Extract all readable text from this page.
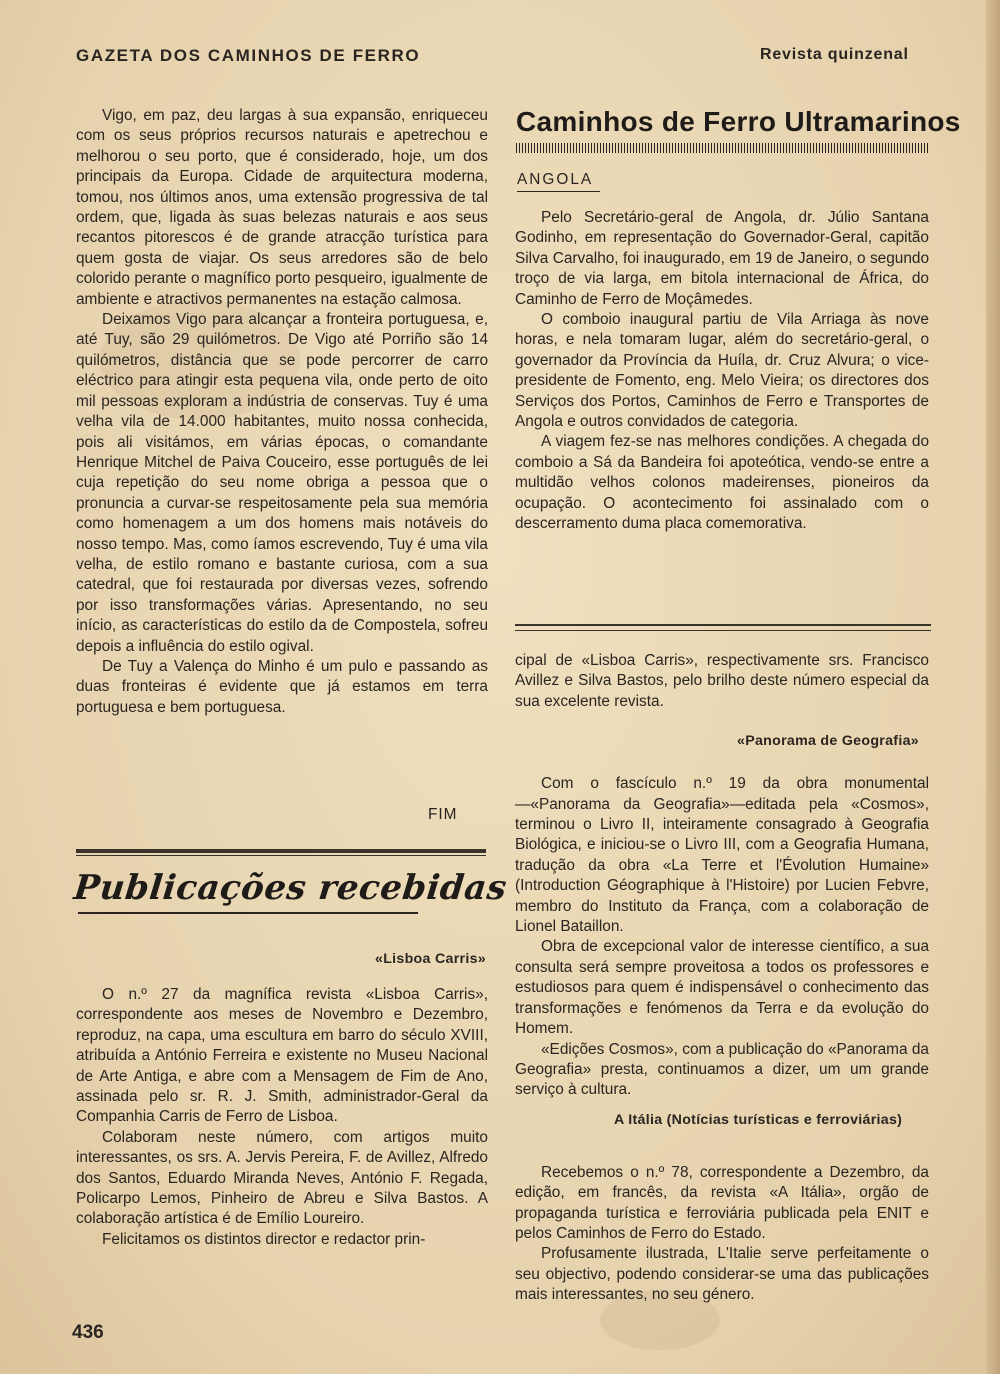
GAZETA DOS CAMINHOS DE FERRO	Revista quinzenal

Vigo, em paz, deu largas à sua expansão, enriqueceu com os seus próprios recursos naturais e apetrechou e melhorou o seu porto, que é considerado, hoje, um dos principais da Europa. Cidade de arquitectura moderna, tomou, nos últimos anos, uma extensão progressiva de tal ordem, que, ligada às suas belezas naturais e aos seus recantos pitorescos é de grande atracção turística para quem gosta de viajar. Os seus arredores são de belo colorido perante o magnífico porto pesqueiro, igualmente de ambiente e atractivos permanentes na estação calmosa.

Deixamos Vigo para alcançar a fronteira portuguesa, e, até Tuy, são 29 quilómetros. De Vigo até Porriño são 14 quilómetros, distância que se pode percorrer de carro eléctrico para atingir esta pequena vila, onde perto de oito mil pessoas exploram a indústria de conservas. Tuy é uma velha vila de 14.000 habitantes, muito nossa conhecida, pois ali visitámos, em várias épocas, o comandante Henrique Mitchel de Paiva Couceiro, esse português de lei cuja repetição do seu nome obriga a pessoa que o pronuncia a curvar-se respeitosamente pela sua memória como homenagem a um dos homens mais notáveis do nosso tempo. Mas, como íamos escrevendo, Tuy é uma vila velha, de estilo romano e bastante curiosa, com a sua catedral, que foi restaurada por diversas vezes, sofrendo por isso transformações várias. Apresentando, no seu início, as características do estilo da de Compostela, sofreu depois a influência do estilo ogival.

De Tuy a Valença do Minho é um pulo e passando as duas fronteiras é evidente que já estamos em terra portuguesa e bem portuguesa.

FIM
Publicações recebidas
«Lisboa Carris»

O n.º 27 da magnífica revista «Lisboa Carris», correspondente aos meses de Novembro e Dezembro, reproduz, na capa, uma escultura em barro do século XVIII, atribuída a António Ferreira e existente no Museu Nacional de Arte Antiga, e abre com a Mensagem de Fim de Ano, assinada pelo sr. R. J. Smith, administrador-Geral da Companhia Carris de Ferro de Lisboa.

Colaboram neste número, com artigos muito interessantes, os srs. A. Jervis Pereira, F. de Avillez, Alfredo dos Santos, Eduardo Miranda Neves, António F. Regada, Policarpo Lemos, Pinheiro de Abreu e Silva Bastos. A colaboração artística é de Emílio Loureiro.

Felicitamos os distintos director e redactor prin-

Caminhos de Ferro Ultramarinos
ANGOLA

Pelo Secretário-geral de Angola, dr. Júlio Santana Godinho, em representação do Governador-Geral, capitão Silva Carvalho, foi inaugurado, em 19 de Janeiro, o segundo troço de via larga, em bitola internacional de África, do Caminho de Ferro de Moçâmedes.

O comboio inaugural partiu de Vila Arriaga às nove horas, e nela tomaram lugar, além do secretário-geral, o governador da Província da Huíla, dr. Cruz Alvura; o vice-presidente de Fomento, eng. Melo Vieira; os directores dos Serviços dos Portos, Caminhos de Ferro e Transportes de Angola e outros convidados de categoria.

A viagem fez-se nas melhores condições. A chegada do comboio a Sá da Bandeira foi apoteótica, vendo-se entre a multidão velhos colonos madeirenses, pioneiros da ocupação. O acontecimento foi assinalado com o descerramento duma placa comemorativa.

cipal de «Lisboa Carris», respectivamente srs. Francisco Avillez e Silva Bastos, pelo brilho deste número especial da sua excelente revista.

Com o fascículo n.º 19 da obra monumental—«Panorama da Geografia»—editada pela «Cosmos», terminou o Livro II, inteiramente consagrado à Geografia Biológica, e iniciou-se o Livro III, com a Geografia Humana, tradução da obra «La Terre et l'Évolution Humaine» (Introduction Géographique à l'Histoire) por Lucien Febvre, membro do Instituto da França, com a colaboração de Lionel Bataillon.

Obra de excepcional valor de interesse científico, a sua consulta será sempre proveitosa a todos os professores e estudiosos para quem é indispensável o conhecimento das transformações e fenómenos da Terra e da evolução do Homem.

«Edições Cosmos», com a publicação do «Panorama da Geografia» presta, continuamos a dizer, um um grande serviço à cultura.

Recebemos o n.º 78, correspondente a Dezembro, da edição, em francês, da revista «A Itália», orgão de propaganda turística e ferroviária publicada pela ENIT e pelos Caminhos de Ferro do Estado.

Profusamente ilustrada, L'Italie serve perfeitamente o seu objectivo, podendo considerar-se uma das publicações mais interessantes, no seu género.

«Panorama de Geografia»
A Itália (Notícias turísticas e ferroviárias)
436
